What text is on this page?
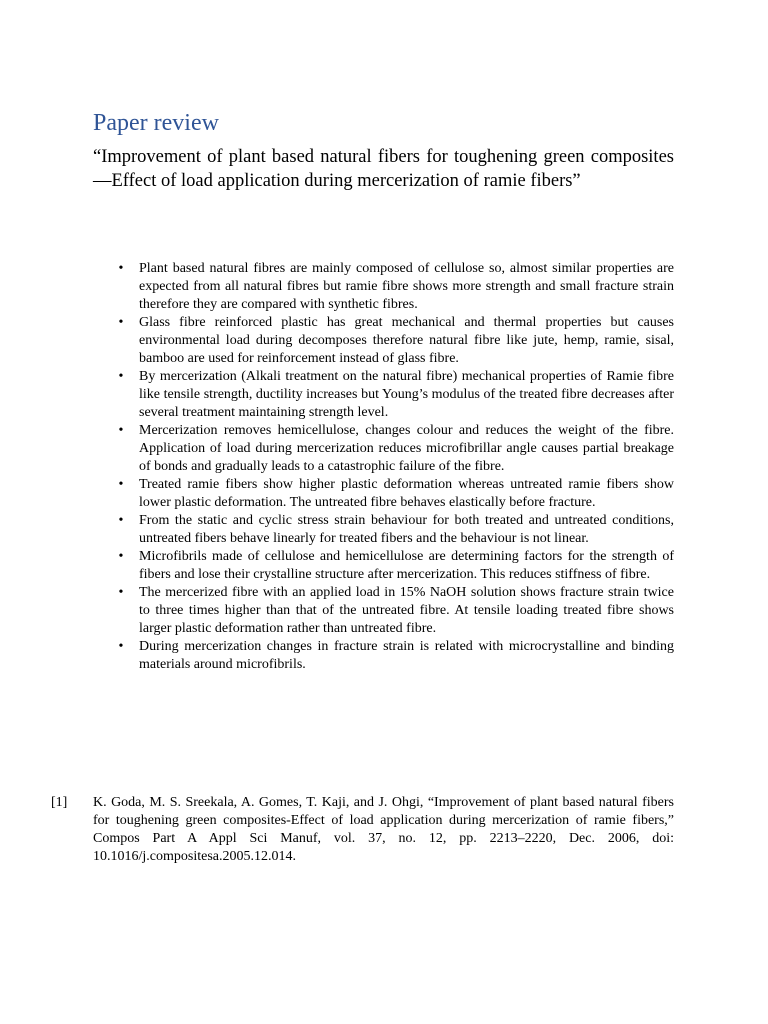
Paper review

“Improvement of plant based natural fibers for toughening green composites—Effect of load application during mercerization of ramie fibers”

• Plant based natural fibres are mainly composed of cellulose so, almost similar properties are expected from all natural fibres but ramie fibre shows more strength and small fracture strain therefore they are compared with synthetic fibres.
• Glass fibre reinforced plastic has great mechanical and thermal properties but causes environmental load during decomposes therefore natural fibre like jute, hemp, ramie, sisal, bamboo are used for reinforcement instead of glass fibre.
• By mercerization (Alkali treatment on the natural fibre) mechanical properties of Ramie fibre like tensile strength, ductility increases but Young’s modulus of the treated fibre decreases after several treatment maintaining strength level.
• Mercerization removes hemicellulose, changes colour and reduces the weight of the fibre. Application of load during mercerization reduces microfibrillar angle causes partial breakage of bonds and gradually leads to a catastrophic failure of the fibre.
• Treated ramie fibers show higher plastic deformation whereas untreated ramie fibers show lower plastic deformation. The untreated fibre behaves elastically before fracture.
• From the static and cyclic stress strain behaviour for both treated and untreated conditions, untreated fibers behave linearly for treated fibers and the behaviour is not linear.
• Microfibrils made of cellulose and hemicellulose are determining factors for the strength of fibers and lose their crystalline structure after mercerization. This reduces stiffness of fibre.
• The mercerized fibre with an applied load in 15% NaOH solution shows fracture strain twice to three times higher than that of the untreated fibre. At tensile loading treated fibre shows larger plastic deformation rather than untreated fibre.
• During mercerization changes in fracture strain is related with microcrystalline and binding materials around microfibrils.
[1] K. Goda, M. S. Sreekala, A. Gomes, T. Kaji, and J. Ohgi, “Improvement of plant based natural fibers for toughening green composites-Effect of load application during mercerization of ramie fibers,” Compos Part A Appl Sci Manuf, vol. 37, no. 12, pp. 2213–2220, Dec. 2006, doi: 10.1016/j.compositesa.2005.12.014.
